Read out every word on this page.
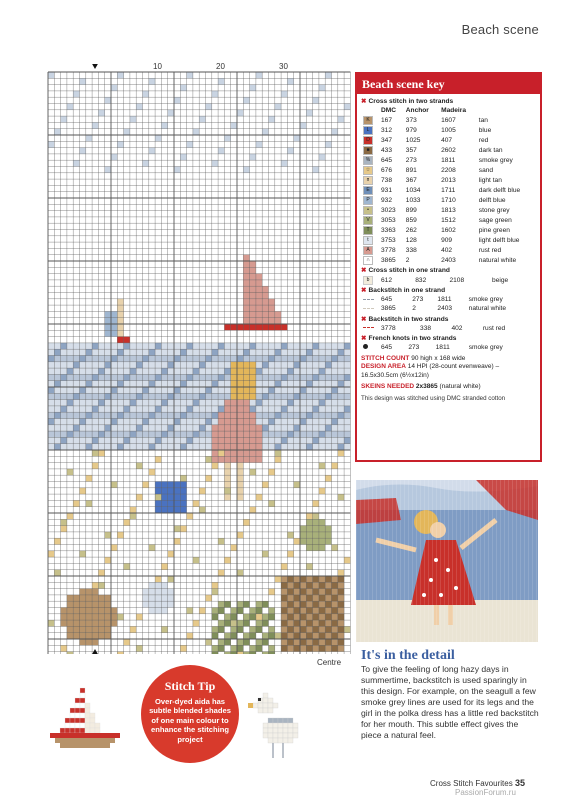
Beach scene
10	20	30
Centre
Beach scene key
✖ Cross stitch in two strands
	DMC	Anchor	Madeira	
K	167	373	1607	tan
L	312	979	1005	blue
D	347	1025	407	red
■	433	357	2602	dark tan
%	645	273	1811	smoke grey
☆	676	891	2208	sand
ᴨ	738	367	2013	light tan
E	931	1034	1711	dark delft blue
P	932	1033	1710	delft blue
•	3023	899	1813	stone grey
V	3053	859	1512	sage green
T	3363	262	1602	pine green
t	3753	128	909	light delft blue
A	3778	338	402	rust red
∩	3865	2	2403	natural white
✖ Cross stitch in one strand
b	612	832	2108	beige
✖ Backstitch in one strand
	645	273	1811	smoke grey
	3865	2	2403	natural white
✖ Backstitch in two strands
	3778	338	402	rust red
✖ French knots in two strands
	645	273	1811	smoke grey
STITCH COUNT 90 high x 168 wide
DESIGN AREA 14 HPI (28-count evenweave) – 16.5x30.5cm (6½x12in)
SKEINS NEEDED 2x3865 (natural white)
This design was stitched using DMC stranded cotton
It's in the detail
To give the feeling of long hazy days in summertime, backstitch is used sparingly in this design. For example, on the seagull a few smoke grey lines are used for its legs and the girl in the polka dress has a little red backstitch for her mouth. This subtle effect gives the piece a natural feel.
Stitch Tip
Over-dyed aida has subtle blended shades of one main colour to enhance the stitching project
Cross Stitch Favourites 35
PassionForum.ru
